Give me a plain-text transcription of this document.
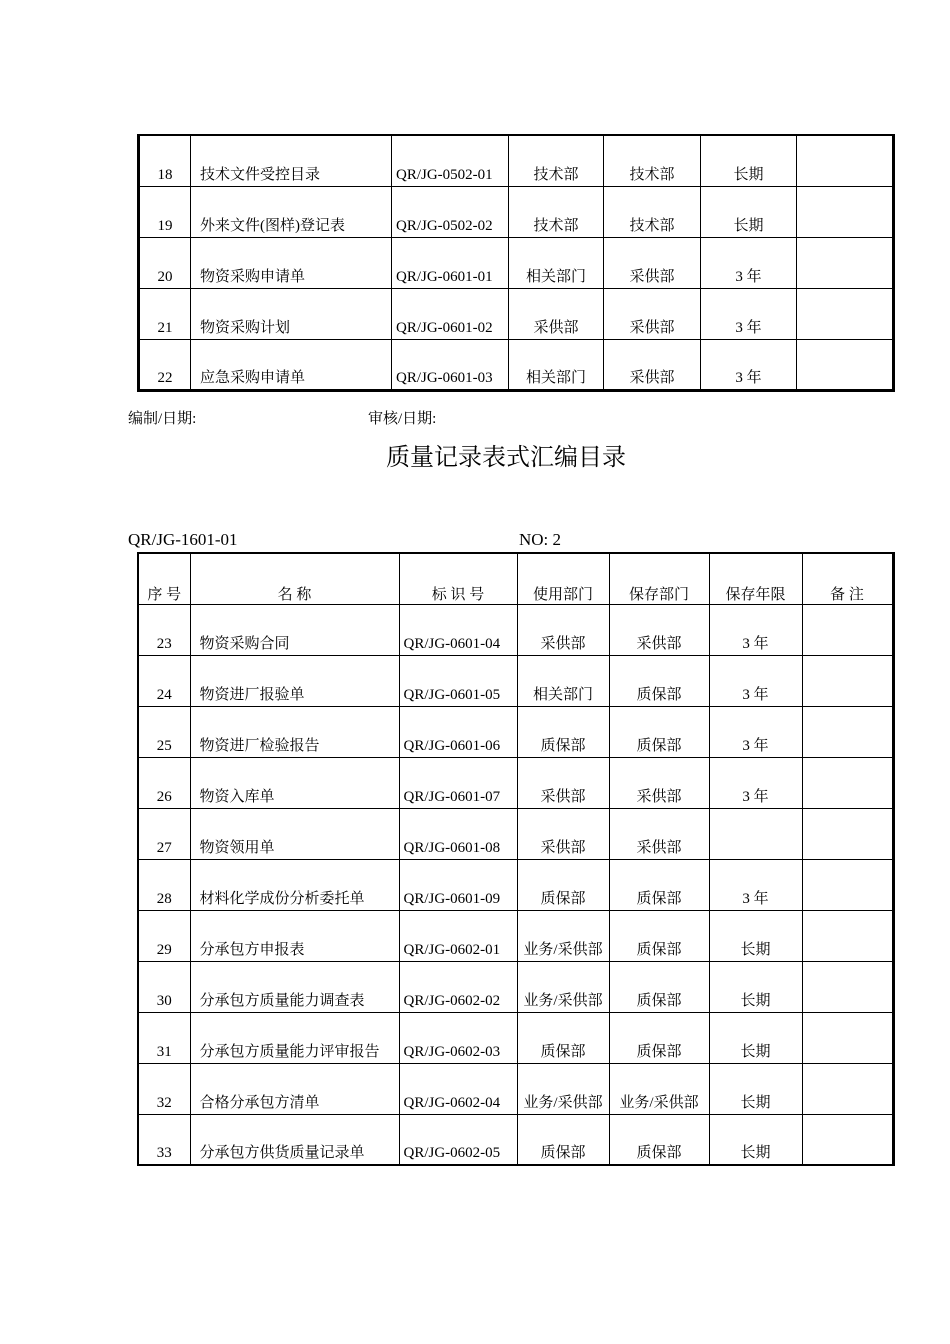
18	技术文件受控目录	QR/JG-0502-01	技术部	技术部	长期	
19	外来文件(图样)登记表	QR/JG-0502-02	技术部	技术部	长期	
20	物资采购申请单	QR/JG-0601-01	相关部门	采供部	3 年	
21	物资采购计划	QR/JG-0601-02	采供部	采供部	3 年	
22	应急采购申请单	QR/JG-0601-03	相关部门	采供部	3 年	
编制/日期:	审核/日期:
质量记录表式汇编目录
QR/JG-1601-01	NO: 2
序 号	名 称	标 识 号	使用部门	保存部门	保存年限	备 注
23	物资采购合同	QR/JG-0601-04	采供部	采供部	3 年	
24	物资进厂报验单	QR/JG-0601-05	相关部门	质保部	3 年	
25	物资进厂检验报告	QR/JG-0601-06	质保部	质保部	3 年	
26	物资入库单	QR/JG-0601-07	采供部	采供部	3 年	
27	物资领用单	QR/JG-0601-08	采供部	采供部		
28	材料化学成份分析委托单	QR/JG-0601-09	质保部	质保部	3 年	
29	分承包方申报表	QR/JG-0602-01	业务/采供部	质保部	长期	
30	分承包方质量能力调查表	QR/JG-0602-02	业务/采供部	质保部	长期	
31	分承包方质量能力评审报告	QR/JG-0602-03	质保部	质保部	长期	
32	合格分承包方清单	QR/JG-0602-04	业务/采供部	业务/采供部	长期	
33	分承包方供货质量记录单	QR/JG-0602-05	质保部	质保部	长期	
